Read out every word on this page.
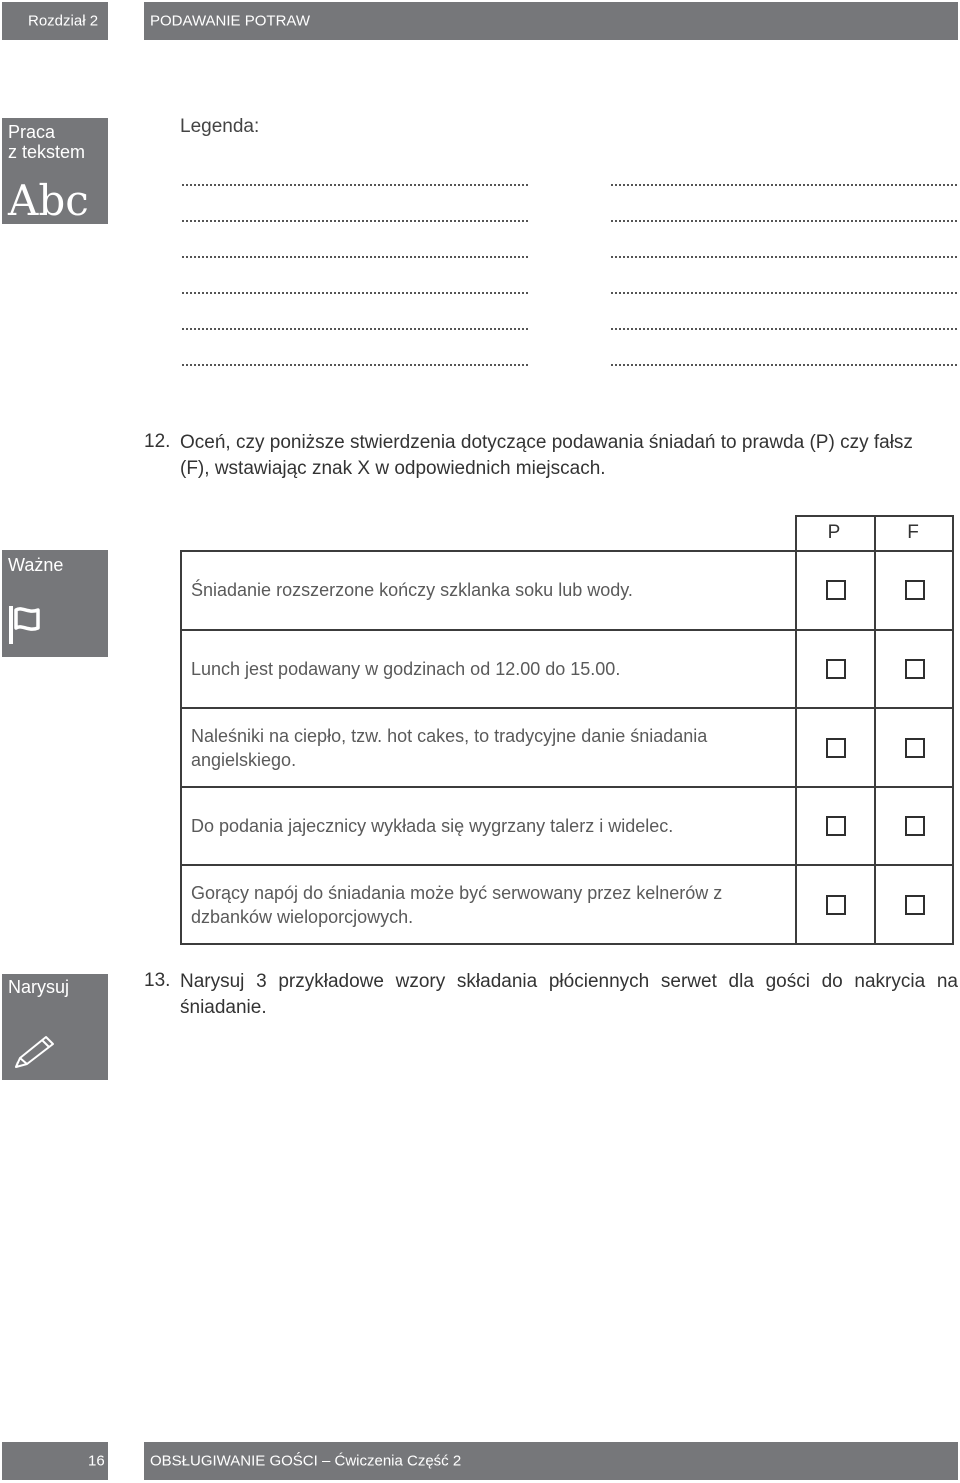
Rozdział 2	PODAWANIE POTRAW
Praca
z tekstem
Abc
Legenda:
12. Oceń, czy poniższe stwierdzenia dotyczące podawania śniadań to prawda (P) czy fałsz (F), wstawiając znak X w odpowiednich miejscach.
Ważne
P	F
Śniadanie rozszerzone kończy szklanka soku lub wody.
Lunch jest podawany w godzinach od 12.00 do 15.00.
Naleśniki na ciepło, tzw. hot cakes, to tradycyjne danie śniadania angielskiego.
Do podania jajecznicy wykłada się wygrzany talerz i widelec.
Gorący napój do śniadania może być serwowany przez kelnerów z dzbanków wieloporcjowych.
13. Narysuj 3 przykładowe wzory składania płóciennych serwet dla gości do nakrycia na śniadanie.
Narysuj
16	OBSŁUGIWANIE GOŚCI – Ćwiczenia Część 2
